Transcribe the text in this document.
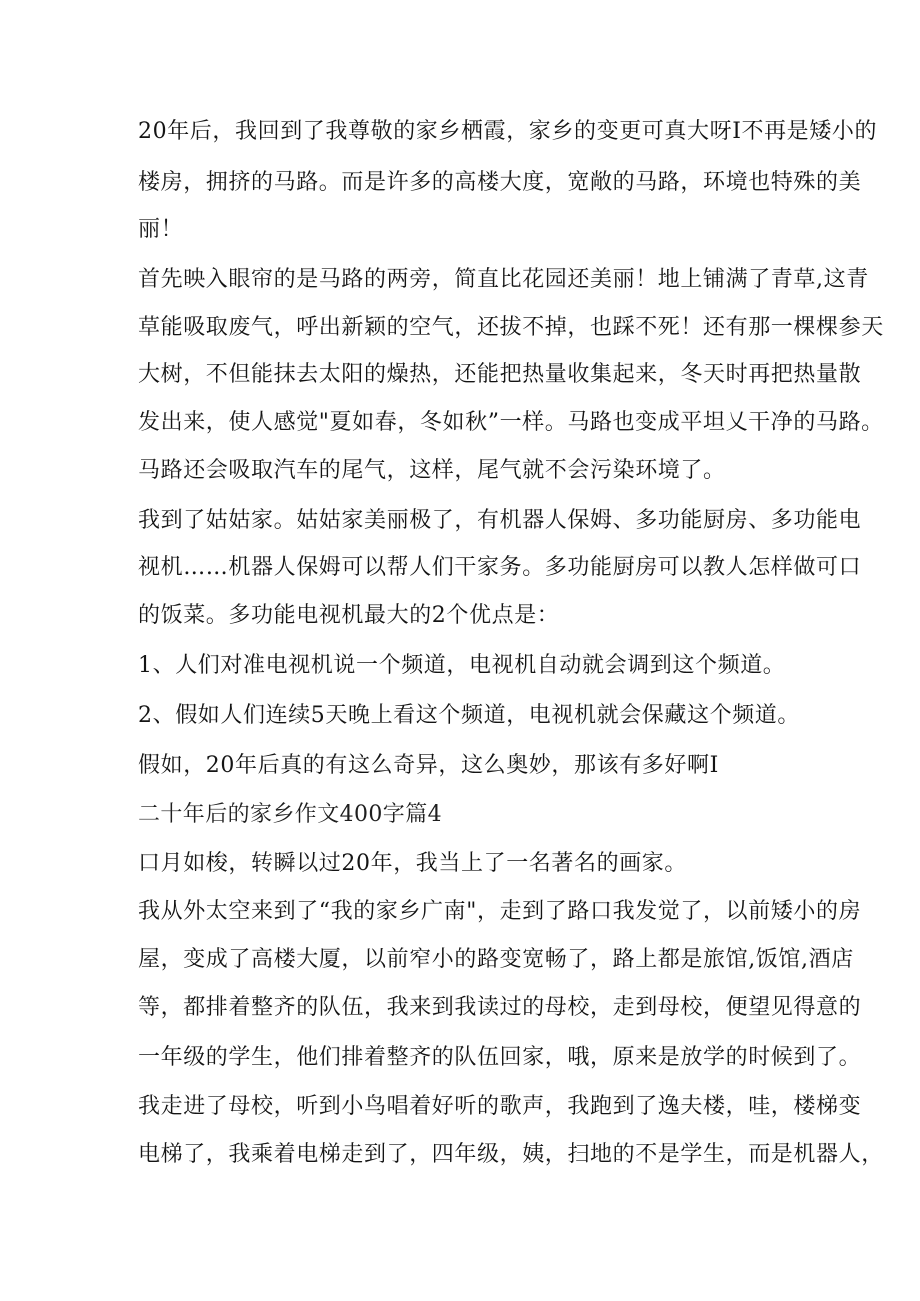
20年后，我回到了我尊敬的家乡栖霞，家乡的变更可真大呀I不再是矮小的
楼房，拥挤的马路。而是许多的高楼大度，宽敞的马路，环境也特殊的美
丽！
首先映入眼帘的是马路的两旁，简直比花园还美丽！地上铺满了青草,这青
草能吸取废气，呼出新颖的空气，还拔不掉，也踩不死！还有那一棵棵参天
大树，不但能抹去太阳的燥热，还能把热量收集起来，冬天时再把热量散
发出来，使人感觉"夏如春，冬如秋”一样。马路也变成平坦乂干净的马路。
马路还会吸取汽车的尾气，这样，尾气就不会污染环境了。
我到了姑姑家。姑姑家美丽极了，有机器人保姆、多功能厨房、多功能电
视机……机器人保姆可以帮人们干家务。多功能厨房可以教人怎样做可口
的饭菜。多功能电视机最大的2个优点是：
1、人们对准电视机说一个频道，电视机自动就会调到这个频道。
2、假如人们连续5天晚上看这个频道，电视机就会保藏这个频道。
假如，20年后真的有这么奇异，这么奥妙，那该有多好啊I
二十年后的家乡作文400字篇4
口月如梭，转瞬以过20年，我当上了一名著名的画家。
我从外太空来到了“我的家乡广南"，走到了路口我发觉了，以前矮小的房
屋，变成了高楼大厦，以前窄小的路变宽畅了，路上都是旅馆,饭馆,酒店
等，都排着整齐的队伍，我来到我读过的母校，走到母校，便望见得意的
一年级的学生，他们排着整齐的队伍回家，哦，原来是放学的时候到了。
我走进了母校，听到小鸟唱着好听的歌声，我跑到了逸夫楼，哇，楼梯变
电梯了，我乘着电梯走到了，四年级，姨，扫地的不是学生，而是机器人，
